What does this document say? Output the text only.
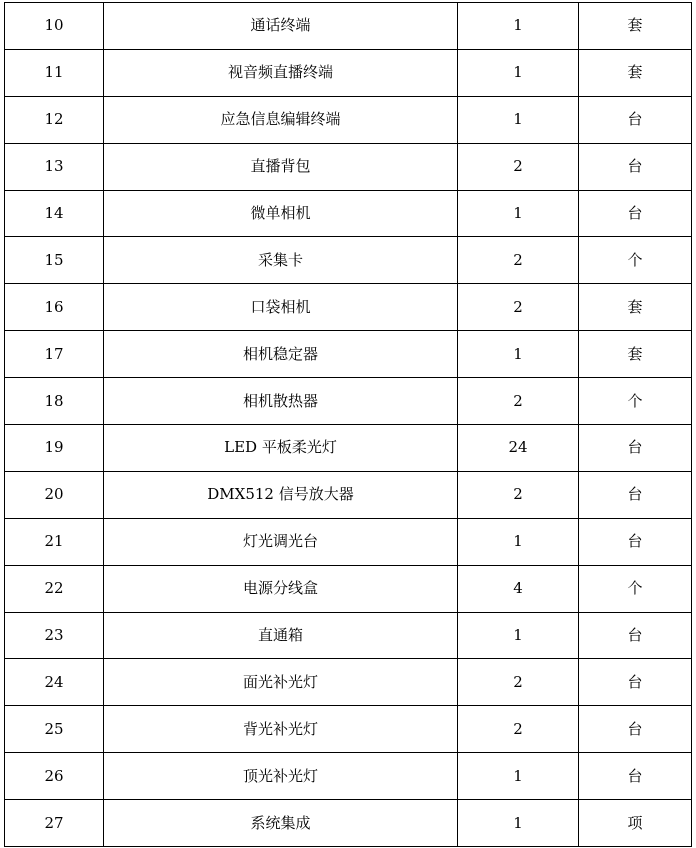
10	通话终端	1	套
11	视音频直播终端	1	套
12	应急信息编辑终端	1	台
13	直播背包	2	台
14	微单相机	1	台
15	采集卡	2	个
16	口袋相机	2	套
17	相机稳定器	1	套
18	相机散热器	2	个
19	LED 平板柔光灯	24	台
20	DMX512 信号放大器	2	台
21	灯光调光台	1	台
22	电源分线盒	4	个
23	直通箱	1	台
24	面光补光灯	2	台
25	背光补光灯	2	台
26	顶光补光灯	1	台
27	系统集成	1	项
